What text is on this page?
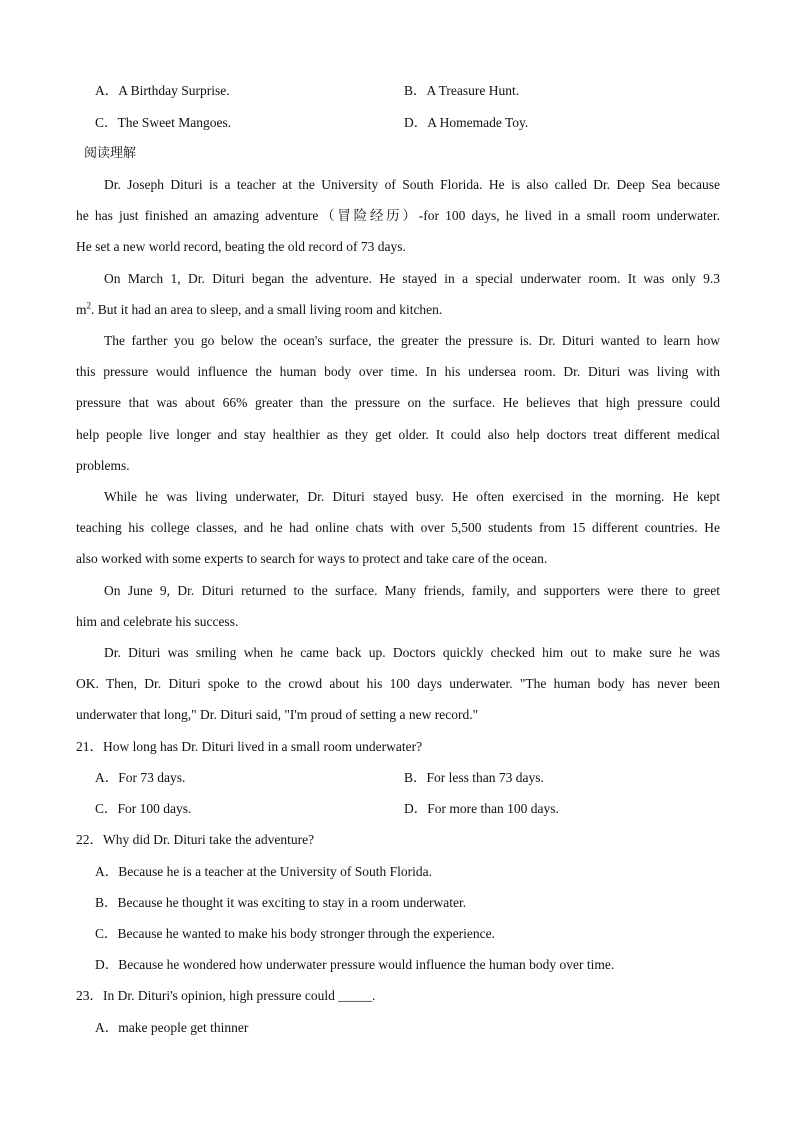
A．A Birthday Surprise.	B．A Treasure Hunt.
C．The Sweet Mangoes.	D．A Homemade Toy.
阅读理解
Dr. Joseph Dituri is a teacher at the University of South Florida. He is also called Dr. Deep Sea because
he has just finished an amazing adventure（冒险经历）-for 100 days, he lived in a small room underwater.
He set a new world record, beating the old record of 73 days.
On March 1, Dr. Dituri began the adventure. He stayed in a special underwater room. It was only 9.3
$m^2$. But it had an area to sleep, and a small living room and kitchen.
The farther you go below the ocean's surface, the greater the pressure is. Dr. Dituri wanted to learn how
this pressure would influence the human body over time. In his undersea room. Dr. Dituri was living with
pressure that was about 66% greater than the pressure on the surface. He believes that high pressure could
help people live longer and stay healthier as they get older. It could also help doctors treat different medical
problems.
While he was living underwater, Dr. Dituri stayed busy. He often exercised in the morning. He kept
teaching his college classes, and he had online chats with over 5,500 students from 15 different countries. He
also worked with some experts to search for ways to protect and take care of the ocean.
On June 9, Dr. Dituri returned to the surface. Many friends, family, and supporters were there to greet
him and celebrate his success.
Dr. Dituri was smiling when he came back up. Doctors quickly checked him out to make sure he was
OK. Then, Dr. Dituri spoke to the crowd about his 100 days underwater. "The human body has never been
underwater that long," Dr. Dituri said, "I'm proud of setting a new record."
21．How long has Dr. Dituri lived in a small room underwater?
A．For 73 days.	B．For less than 73 days.
C．For 100 days.	D．For more than 100 days.
22．Why did Dr. Dituri take the adventure?
A．Because he is a teacher at the University of South Florida.
B．Because he thought it was exciting to stay in a room underwater.
C．Because he wanted to make his body stronger through the experience.
D．Because he wondered how underwater pressure would influence the human body over time.
23．In Dr. Dituri's opinion, high pressure could _____.
A．make people get thinner
